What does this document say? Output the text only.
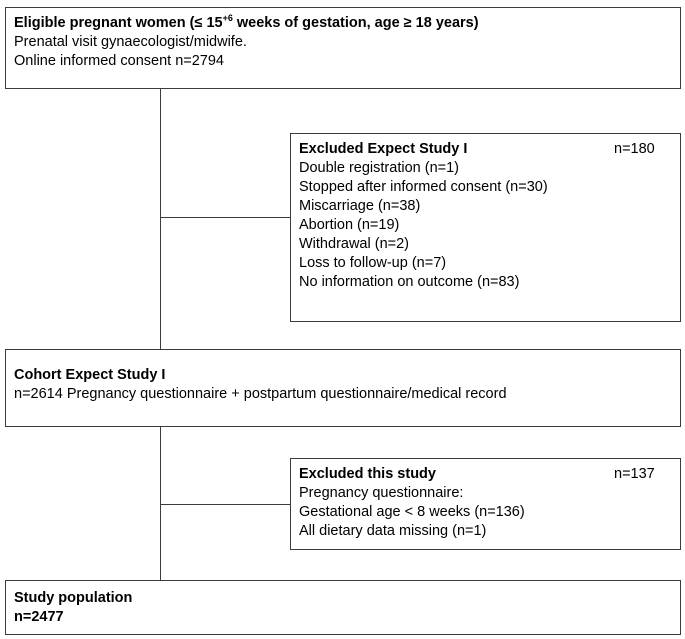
Eligible pregnant women (≤ $15^{+6}$ weeks of gestation, age ≥ 18 years)
Prenatal visit gynaecologist/midwife.
Online informed consent n=2794
Excluded Expect Study I	n=180
Double registration (n=1)
Stopped after informed consent (n=30)
Miscarriage (n=38)
Abortion (n=19)
Withdrawal (n=2)
Loss to follow-up (n=7)
No information on outcome (n=83)
Cohort Expect Study I
n=2614 Pregnancy questionnaire + postpartum questionnaire/medical record
Excluded this study	n=137
Pregnancy questionnaire:
Gestational age < 8 weeks (n=136)
All dietary data missing (n=1)
Study population
n=2477
